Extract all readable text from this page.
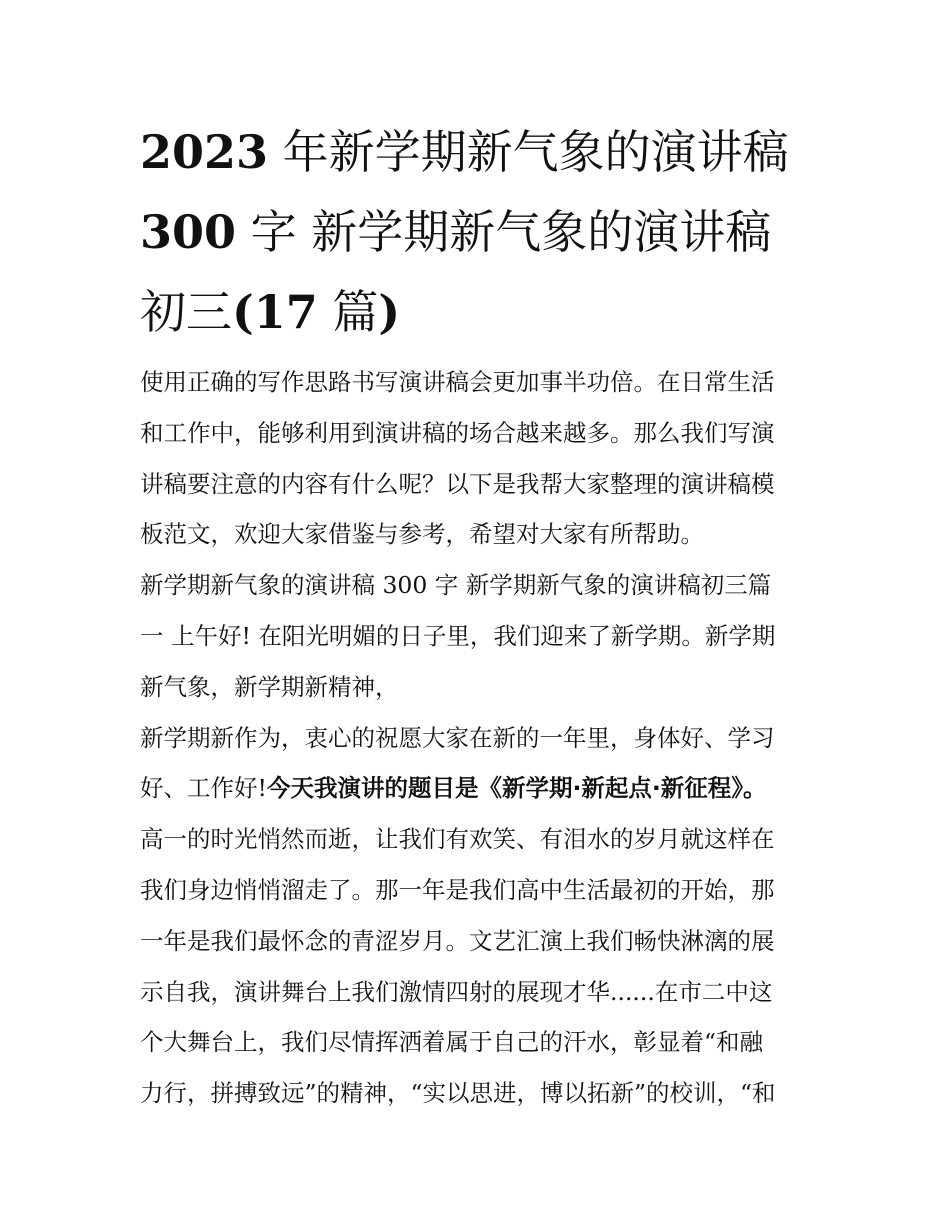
2023 年新学期新气象的演讲稿
300 字 新学期新气象的演讲稿
初三(17 篇)
使用正确的写作思路书写演讲稿会更加事半功倍。在日常生活
和工作中，能够利用到演讲稿的场合越来越多。那么我们写演
讲稿要注意的内容有什么呢？以下是我帮大家整理的演讲稿模
板范文，欢迎大家借鉴与参考，希望对大家有所帮助。
新学期新气象的演讲稿 300 字 新学期新气象的演讲稿初三篇
一 上午好! 在阳光明媚的日子里，我们迎来了新学期。新学期
新气象，新学期新精神，
新学期新作为，衷心的祝愿大家在新的一年里，身体好、学习
好、工作好!今天我演讲的题目是《新学期·新起点·新征程》。
高一的时光悄然而逝，让我们有欢笑、有泪水的岁月就这样在
我们身边悄悄溜走了。那一年是我们高中生活最初的开始，那
一年是我们最怀念的青涩岁月。文艺汇演上我们畅快淋漓的展
示自我，演讲舞台上我们激情四射的展现才华......在市二中这
个大舞台上，我们尽情挥洒着属于自己的汗水，彰显着“和融
力行，拼搏致远”的精神，“实以思进，博以拓新”的校训，“和
